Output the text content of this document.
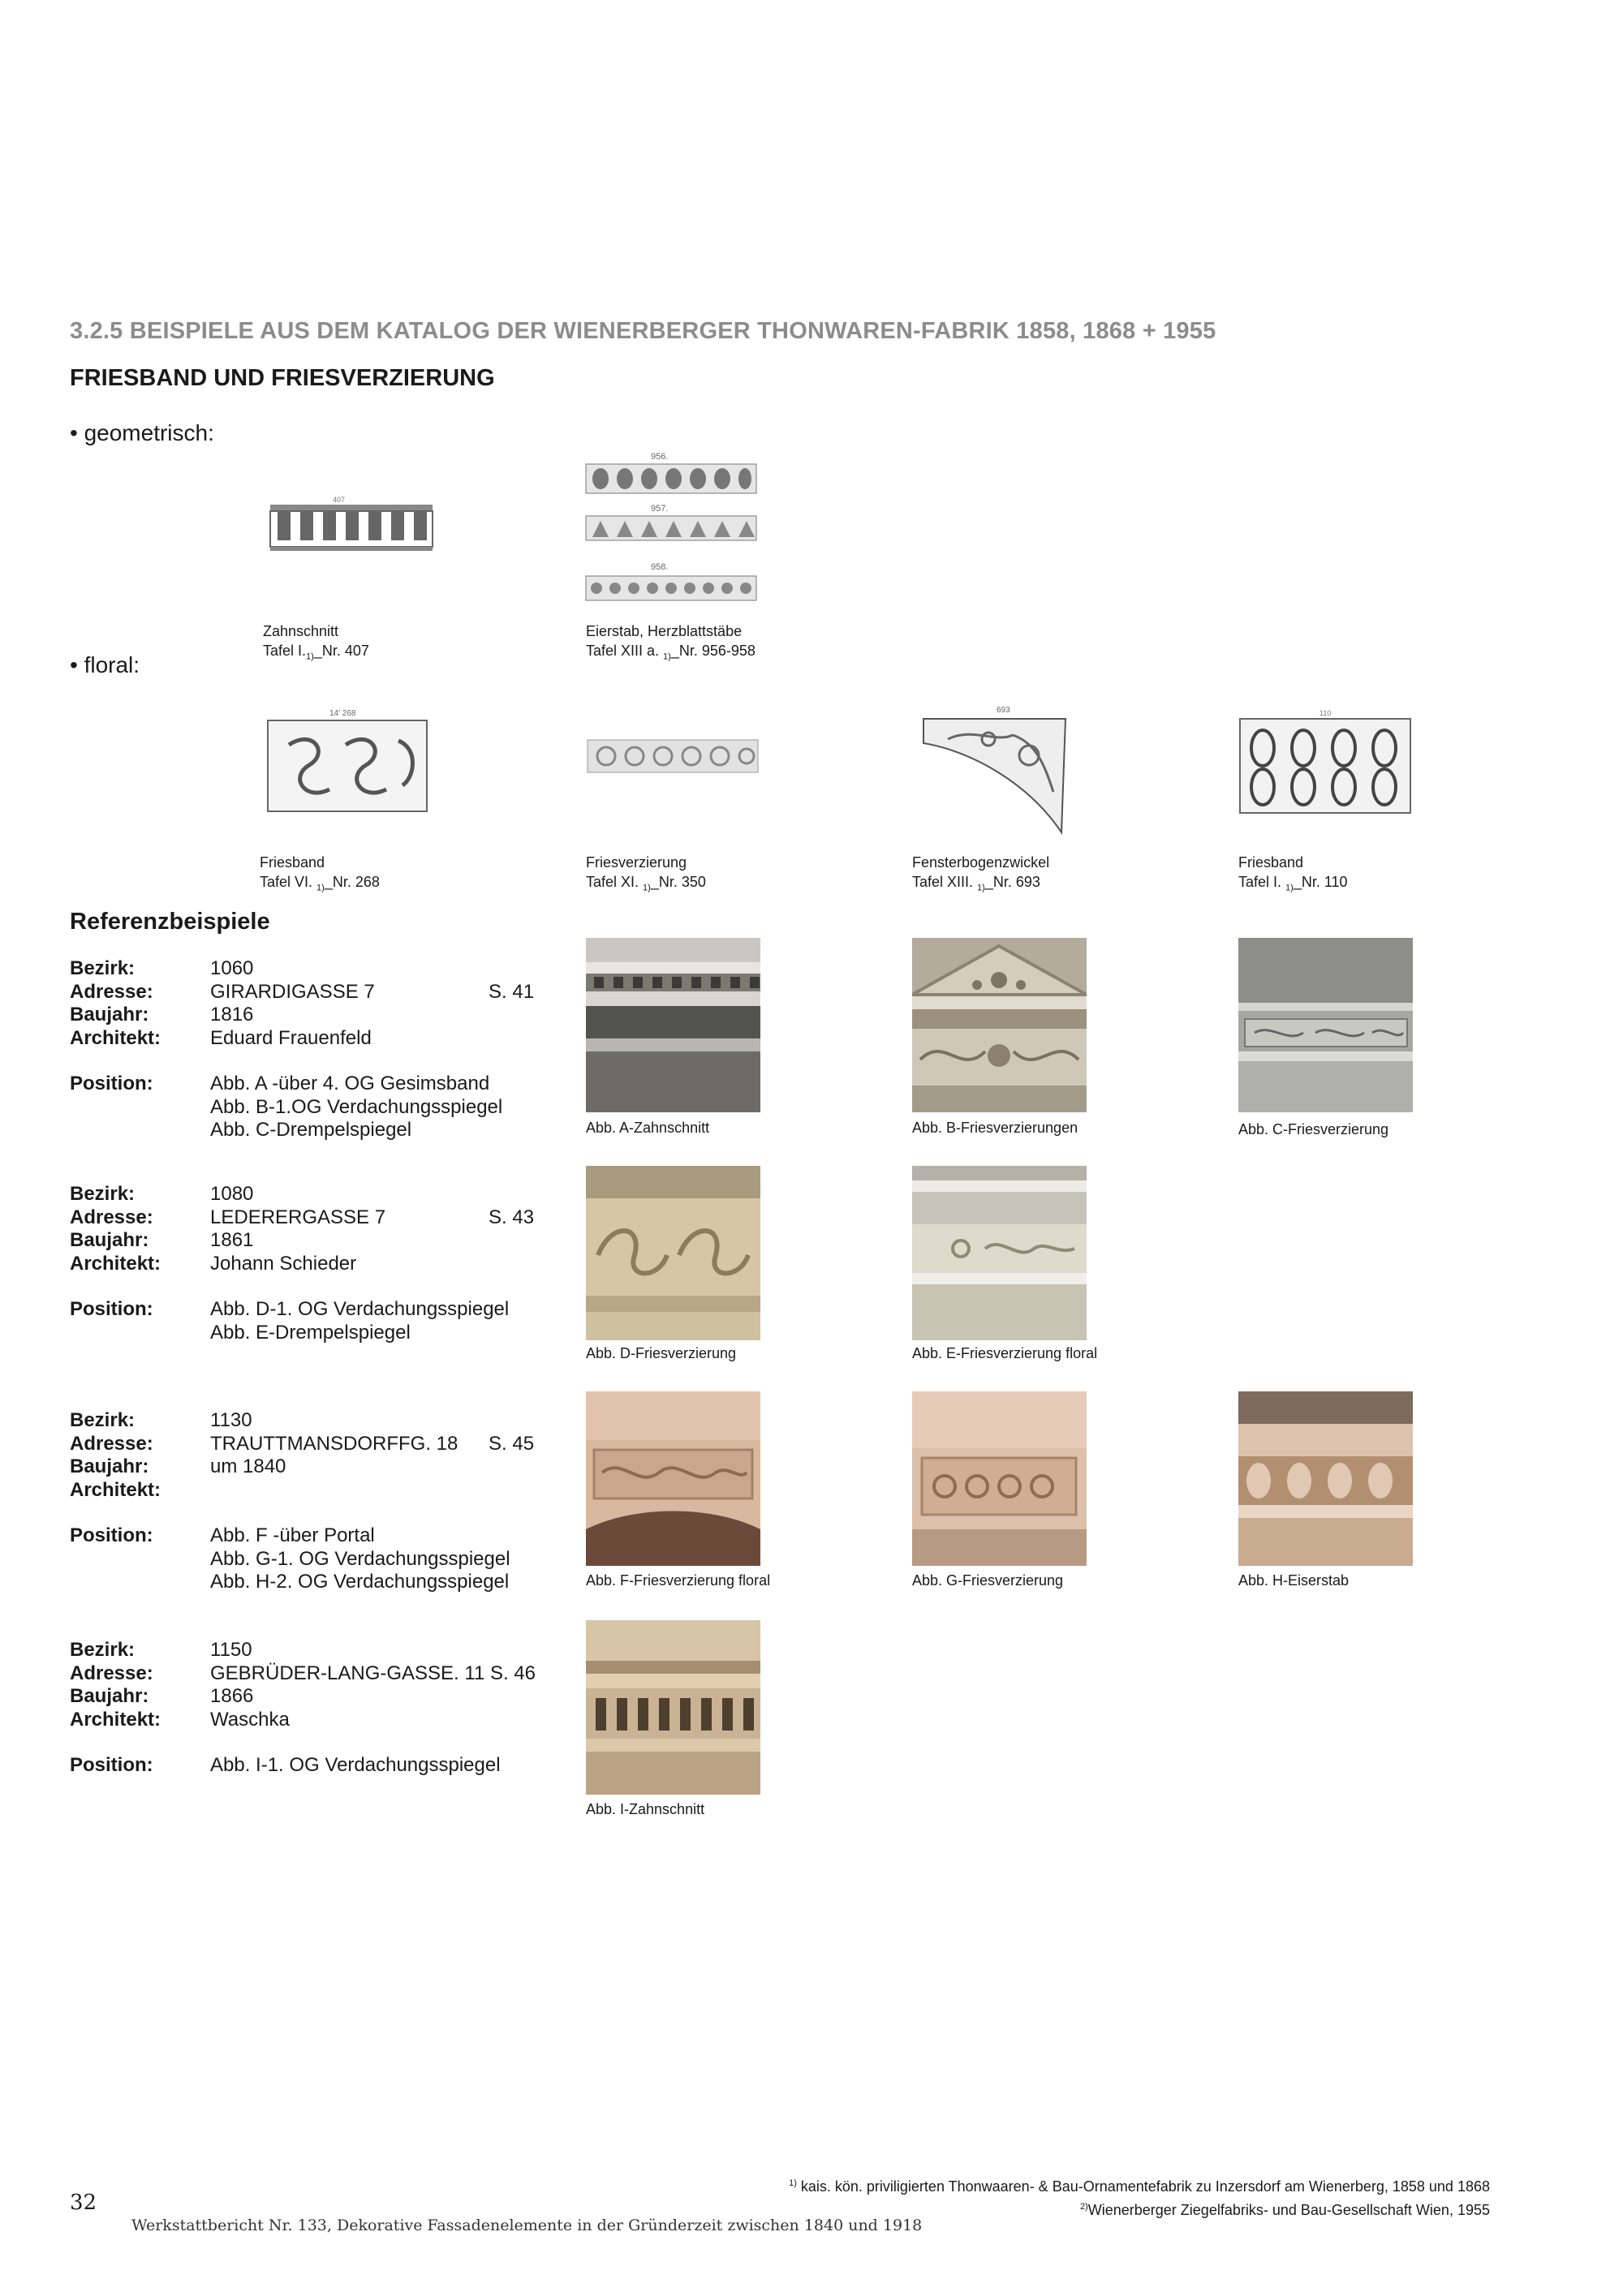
3.2.5 BEISPIELE AUS DEM KATALOG DER WIENERBERGER THONWAREN-FABRIK 1858, 1868 + 1955
FRIESBAND UND FRIESVERZIERUNG
• geometrisch:
• floral:
407
956.
957.
958.
Zahnschnitt
Tafel $I._{1)}\_Nr$. 407
Eierstab, Herzblattstäbe
Tafel XIII a. $_{1)}$_Nr. 956-958
14' 268	693	110
Friesband
Tafel VI. $_{1)}$_Nr. 268
Friesverzierung
Tafel XI. $_{1)}$_Nr. 350
Fensterbogenzwickel
Tafel XIII. $_{1)}$_Nr. 693
Friesband
Tafel I. $_{1)}$_Nr. 110
Referenzbeispiele
Bezirk:	1060
Adresse:	GIRARDIGASSE 7	S. 41
Baujahr:	1816
Architekt:	Eduard Frauenfeld
Position:	Abb. A -über 4. OG Gesimsband
Abb. B-1.OG Verdachungsspiegel
Abb. C-Drempelspiegel
Bezirk:	1080
Adresse:	LEDERERGASSE 7	S. 43
Baujahr:	1861
Architekt:	Johann Schieder
Position:	Abb. D-1. OG Verdachungsspiegel
Abb. E-Drempelspiegel
Bezirk:	1130
Adresse:	TRAUTTMANSDORFFG. 18 S. 45
Baujahr:	um 1840
Architekt:
Position:	Abb. F -über Portal
Abb. G-1. OG Verdachungsspiegel
Abb. H-2. OG Verdachungsspiegel
Bezirk:	1150
Adresse:	GEBRÜDER-LANG-GASSE. 11 S. 46
Baujahr:	1866
Architekt:	Waschka
Position:	Abb. I-1. OG Verdachungsspiegel
Abb. A-Zahnschnitt	Abb. B-Friesverzierungen	Abb. C-Friesverzierung
Abb. D-Friesverzierung	Abb. E-Friesverzierung floral
Abb. F-Friesverzierung floral	Abb. G-Friesverzierung	Abb. H-Eiserstab
Abb. I-Zahnschnitt
$^{1)}$ kais. kön. priviligierten Thonwaaren- & Bau-Ornamentefabrik zu Inzersdorf am Wienerberg, 1858 und 1868
$^{2)}$Wienerberger Ziegelfabriks- und Bau-Gesellschaft Wien, 1955
32
Werkstattbericht Nr. 133, Dekorative Fassadenelemente in der Gründerzeit zwischen 1840 und 1918
